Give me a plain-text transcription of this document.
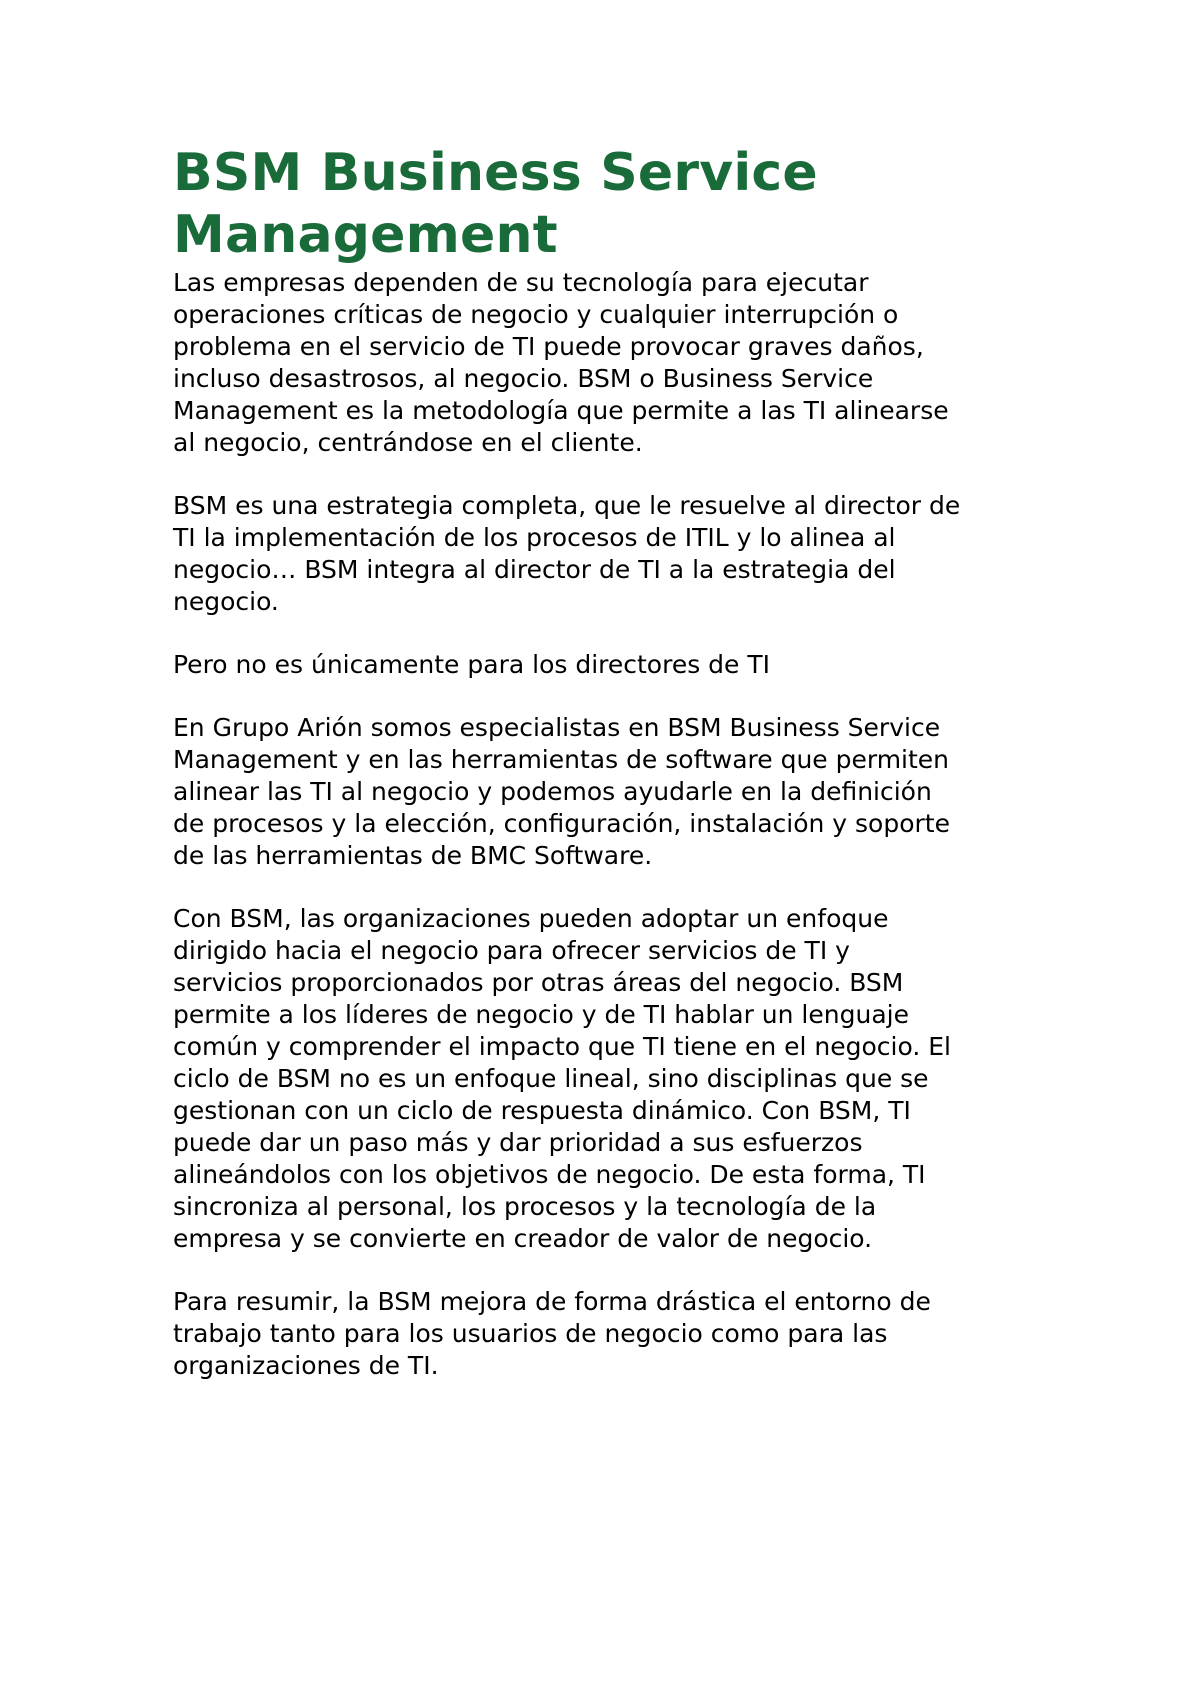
BSM Business Service
Management

Las empresas dependen de su tecnología para ejecutar
operaciones críticas de negocio y cualquier interrupción o
problema en el servicio de TI puede provocar graves daños,
incluso desastrosos, al negocio. BSM o Business Service
Management es la metodología que permite a las TI alinearse
al negocio, centrándose en el cliente.

BSM es una estrategia completa, que le resuelve al director de
TI la implementación de los procesos de ITIL y lo alinea al
negocio… BSM integra al director de TI a la estrategia del
negocio.

Pero no es únicamente para los directores de TI

En Grupo Arión somos especialistas en BSM Business Service
Management y en las herramientas de software que permiten
alinear las TI al negocio y podemos ayudarle en la definición
de procesos y la elección, configuración, instalación y soporte
de las herramientas de BMC Software.

Con BSM, las organizaciones pueden adoptar un enfoque
dirigido hacia el negocio para ofrecer servicios de TI y
servicios proporcionados por otras áreas del negocio. BSM
permite a los líderes de negocio y de TI hablar un lenguaje
común y comprender el impacto que TI tiene en el negocio. El
ciclo de BSM no es un enfoque lineal, sino disciplinas que se
gestionan con un ciclo de respuesta dinámico. Con BSM, TI
puede dar un paso más y dar prioridad a sus esfuerzos
alineándolos con los objetivos de negocio. De esta forma, TI
sincroniza al personal, los procesos y la tecnología de la
empresa y se convierte en creador de valor de negocio.

Para resumir, la BSM mejora de forma drástica el entorno de
trabajo tanto para los usuarios de negocio como para las
organizaciones de TI.
